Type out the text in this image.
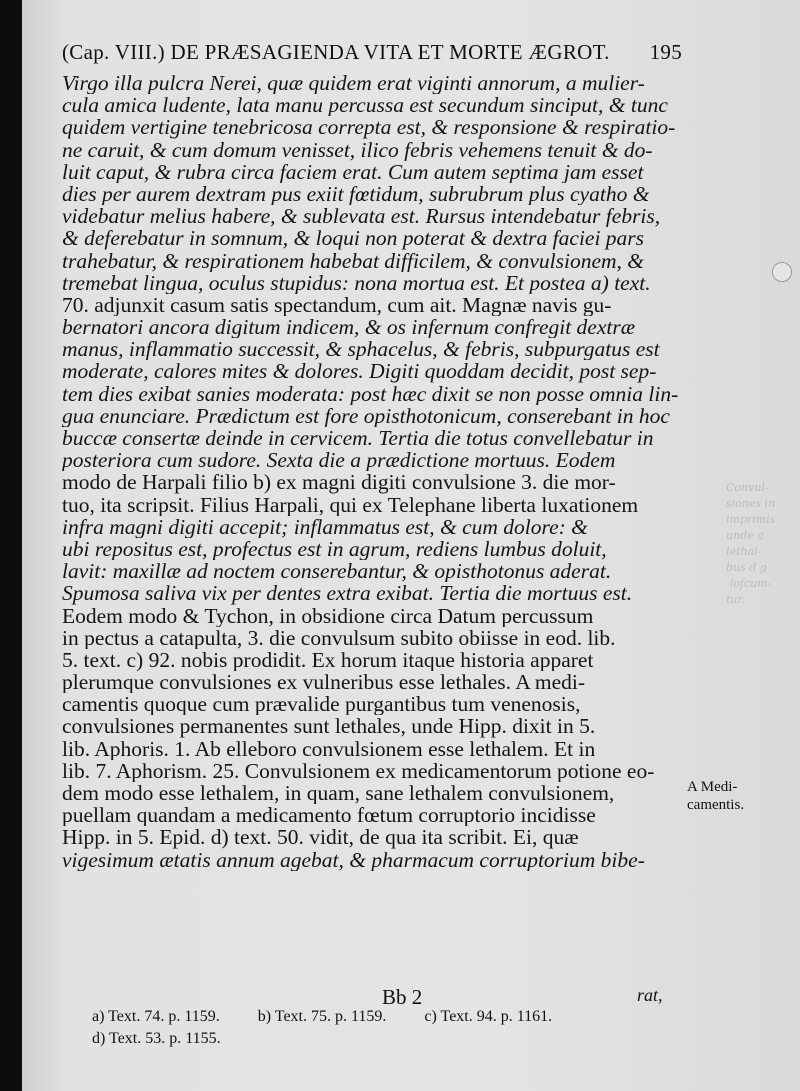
Convul-
siones in
imprimis
unde a
lethal-
bus d g
-iofcum-
tur.
(Cap. VIII.) DE PRÆSAGIENDA VITA ET MORTE ÆGROT. 195
Virgo illa pulcra Nerei, quæ quidem erat viginti annorum, a mulier-
cula amica ludente, lata manu percussa est secundum sinciput, & tunc
quidem vertigine tenebricosa correpta est, & responsione & respiratio-
ne caruit, & cum domum venisset, ilico febris vehemens tenuit & do-
luit caput, & rubra circa faciem erat. Cum autem septima jam esset
dies per aurem dextram pus exiit fœtidum, subrubrum plus cyatho &
videbatur melius habere, & sublevata est. Rursus intendebatur febris,
& deferebatur in somnum, & loqui non poterat & dextra faciei pars
trahebatur, & respirationem habebat difficilem, & convulsionem, &
tremebat lingua, oculus stupidus: nona mortua est. Et postea a) text.
70. adjunxit casum satis spectandum, cum ait. Magnæ navis gu-
bernatori ancora digitum indicem, & os infernum confregit dextræ
manus, inflammatio successit, & sphacelus, & febris, subpurgatus est
moderate, calores mites & dolores. Digiti quoddam decidit, post sep-
tem dies exibat sanies moderata: post hæc dixit se non posse omnia lin-
gua enunciare. Prædictum est fore opisthotonicum, conserebant in hoc
buccæ consertæ deinde in cervicem. Tertia die totus convellebatur in
posteriora cum sudore. Sexta die a prædictione mortuus. Eodem
modo de Harpali filio b) ex magni digiti convulsione 3. die mor-
tuo, ita scripsit. Filius Harpali, qui ex Telephane liberta luxationem
infra magni digiti accepit; inflammatus est, & cum dolore: &
ubi repositus est, profectus est in agrum, rediens lumbus doluit,
lavit: maxillæ ad noctem conserebantur, & opisthotonus aderat.
Spumosa saliva vix per dentes extra exibat. Tertia die mortuus est.
Eodem modo & Tychon, in obsidione circa Datum percussum
in pectus a catapulta, 3. die convulsum subito obiisse in eod. lib.
5. text. c) 92. nobis prodidit. Ex horum itaque historia apparet
plerumque convulsiones ex vulneribus esse lethales. A medi-
camentis quoque cum prævalide purgantibus tum venenosis,
convulsiones permanentes sunt lethales, unde Hipp. dixit in 5.
lib. Aphoris. 1. Ab elleboro convulsionem esse lethalem. Et in
lib. 7. Aphorism. 25. Convulsionem ex medicamentorum potione eo-
dem modo esse lethalem, in quam, sane lethalem convulsionem,
puellam quandam a medicamento fœtum corruptorio incidisse
Hipp. in 5. Epid. d) text. 50. vidit, de qua ita scribit. Ei, quæ
vigesimum ætatis annum agebat, & pharmacum corruptorium bibe-
A Medi- camentis.
Bb 2	rat,
a) Text. 74. p. 1159. b) Text. 75. p. 1159. c) Text. 94. p. 1161.
d) Text. 53. p. 1155.
